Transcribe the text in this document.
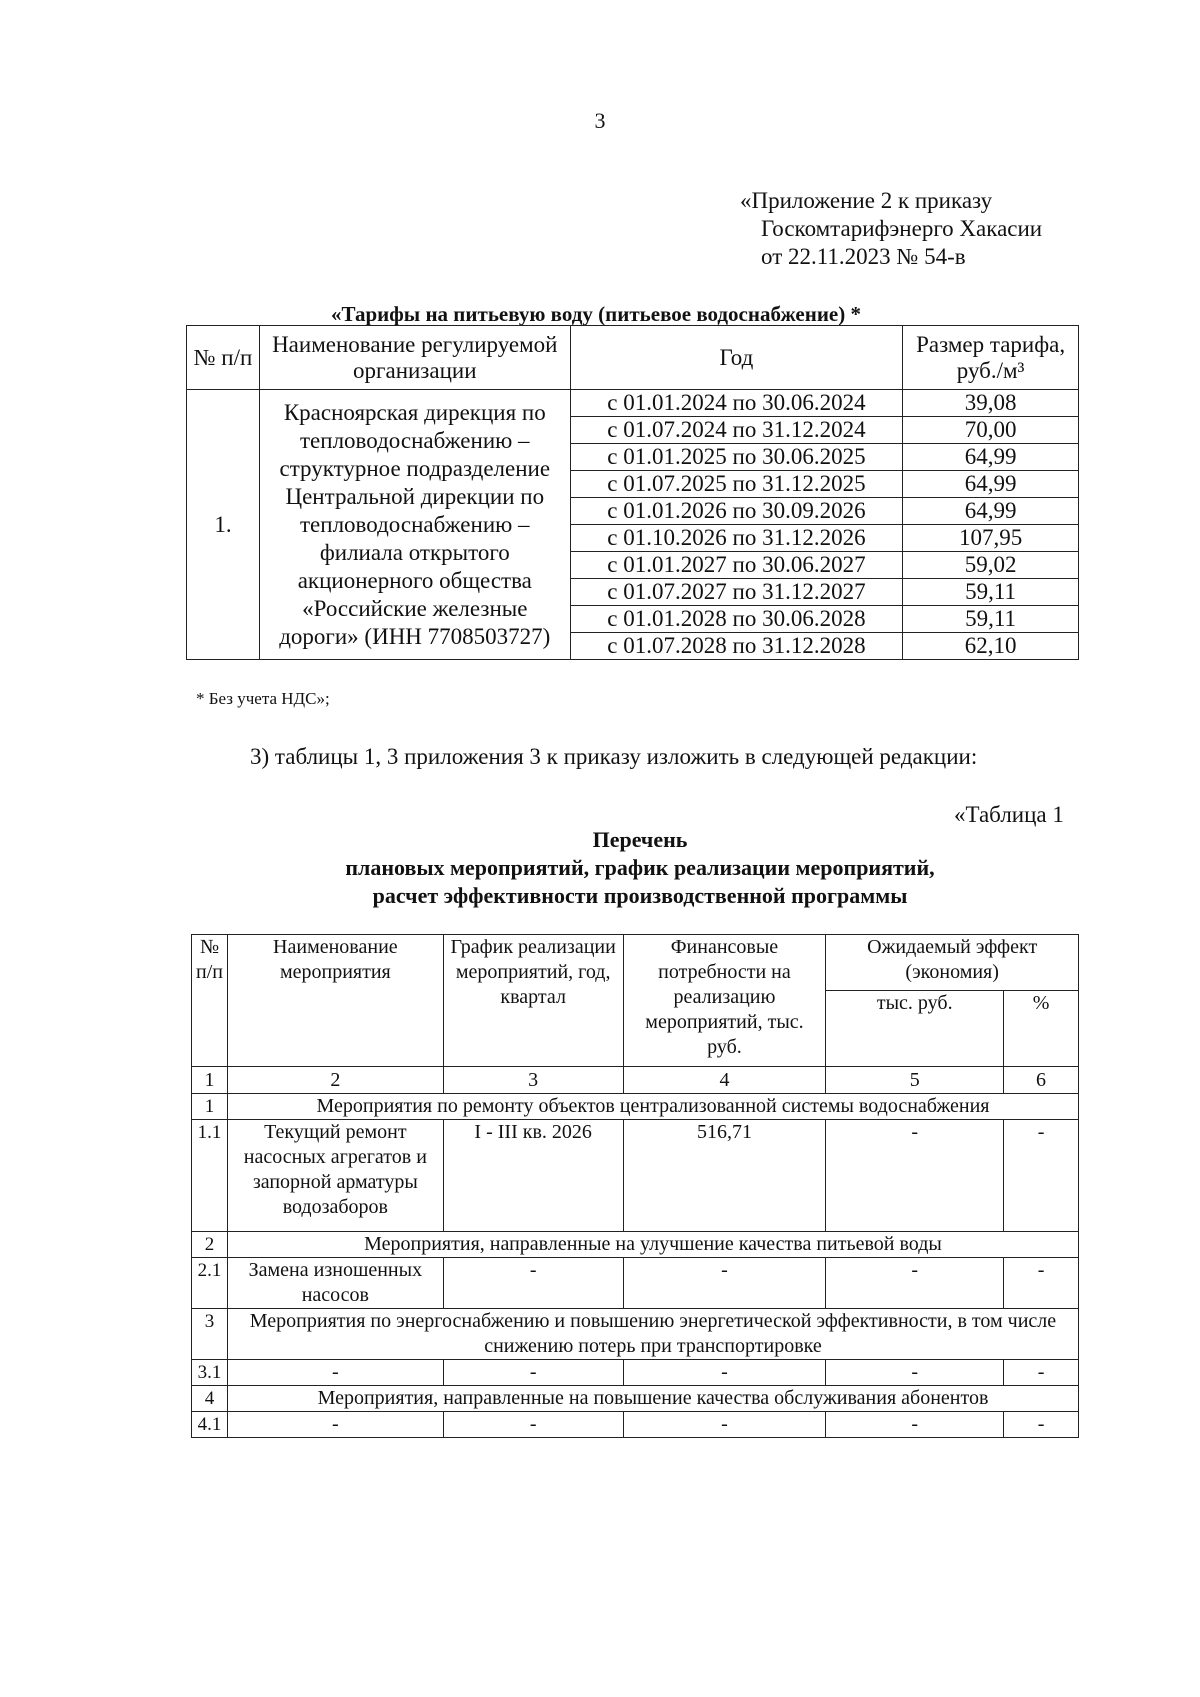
3
«Приложение 2 к приказу
Госкомтарифэнерго Хакасии
от 22.11.2023 № 54-в
«Тарифы на питьевую воду (питьевое водоснабжение) *
№ п/п	Наименование регулируемой организации	Год	Размер тарифа, руб./м³
1.	Красноярская дирекция по тепловодоснабжению – структурное подразделение Центральной дирекции по тепловодоснабжению – филиала открытого акционерного общества «Российские железные дороги» (ИНН 7708503727)	с 01.01.2024 по 30.06.2024	39,08
		с 01.07.2024 по 31.12.2024	70,00
		с 01.01.2025 по 30.06.2025	64,99
		с 01.07.2025 по 31.12.2025	64,99
		с 01.01.2026 по 30.09.2026	64,99
		с 01.10.2026 по 31.12.2026	107,95
		с 01.01.2027 по 30.06.2027	59,02
		с 01.07.2027 по 31.12.2027	59,11
		с 01.01.2028 по 30.06.2028	59,11
		с 01.07.2028 по 31.12.2028	62,10
* Без учета НДС»;
3) таблицы 1, 3 приложения 3 к приказу изложить в следующей редакции:
«Таблица 1
Перечень
плановых мероприятий, график реализации мероприятий,
расчет эффективности производственной программы
№ п/п	Наименование мероприятия	График реализации мероприятий, год, квартал	Финансовые потребности на реализацию мероприятий, тыс. руб.	Ожидаемый эффект (экономия)	
				тыс. руб.	%
1	2	3	4	5	6
1	Мероприятия по ремонту объектов централизованной системы водоснабжения				
1.1	Текущий ремонт насосных агрегатов и запорной арматуры водозаборов	I - III кв. 2026	516,71	-	-
2	Мероприятия, направленные на улучшение качества питьевой воды				
2.1	Замена изношенных насосов	-	-	-	-
3	Мероприятия по энергоснабжению и повышению энергетической эффективности, в том числе снижению потерь при транспортировке				
3.1	-	-	-	-	-
4	Мероприятия, направленные на повышение качества обслуживания абонентов				
4.1	-	-	-	-	-
